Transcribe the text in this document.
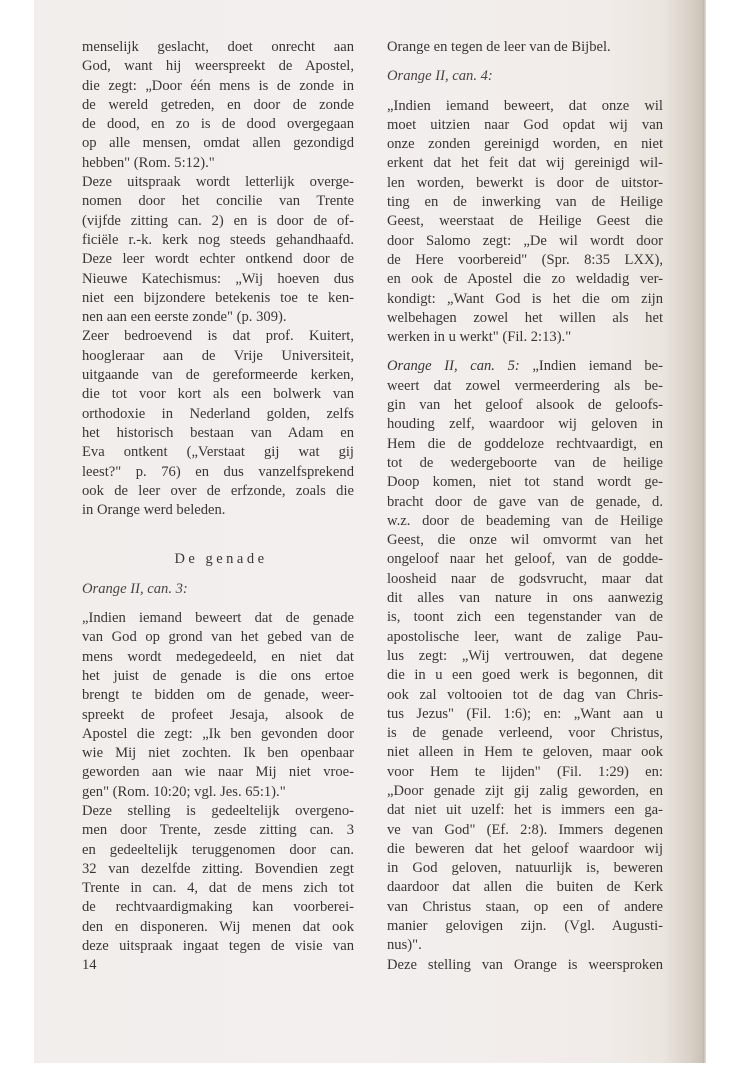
menselijk geslacht, doet onrecht aan
God, want hij weerspreekt de Apostel,
die zegt: „Door één mens is de zonde in
de wereld getreden, en door de zonde
de dood, en zo is de dood overgegaan
op alle mensen, omdat allen gezondigd
hebben" (Rom. 5:12)."
Deze uitspraak wordt letterlijk overge-
nomen door het concilie van Trente
(vijfde zitting can. 2) en is door de of-
ficiële r.-k. kerk nog steeds gehandhaafd.
Deze leer wordt echter ontkend door de
Nieuwe Katechismus: „Wij hoeven dus
niet een bijzondere betekenis toe te ken-
nen aan een eerste zonde" (p. 309).
Zeer bedroevend is dat prof. Kuitert,
hoogleraar aan de Vrije Universiteit,
uitgaande van de gereformeerde kerken,
die tot voor kort als een bolwerk van
orthodoxie in Nederland golden, zelfs
het historisch bestaan van Adam en
Eva ontkent („Verstaat gij wat gij
leest?" p. 76) en dus vanzelfsprekend
ook de leer over de erfzonde, zoals die
in Orange werd beleden.
De genade
Orange II, can. 3:
„Indien iemand beweert dat de genade
van God op grond van het gebed van de
mens wordt medegedeeld, en niet dat
het juist de genade is die ons ertoe
brengt te bidden om de genade, weer-
spreekt de profeet Jesaja, alsook de
Apostel die zegt: „Ik ben gevonden door
wie Mij niet zochten. Ik ben openbaar
geworden aan wie naar Mij niet vroe-
gen" (Rom. 10:20; vgl. Jes. 65:1)."
Deze stelling is gedeeltelijk overgeno-
men door Trente, zesde zitting can. 3
en gedeeltelijk teruggenomen door can.
32 van dezelfde zitting. Bovendien zegt
Trente in can. 4, dat de mens zich tot
de rechtvaardigmaking kan voorberei-
den en disponeren. Wij menen dat ook
deze uitspraak ingaat tegen de visie van
14
Orange en tegen de leer van de Bijbel.
Orange II, can. 4:
„Indien iemand beweert, dat onze wil
moet uitzien naar God opdat wij van
onze zonden gereinigd worden, en niet
erkent dat het feit dat wij gereinigd wil-
len worden, bewerkt is door de uitstor-
ting en de inwerking van de Heilige
Geest, weerstaat de Heilige Geest die
door Salomo zegt: „De wil wordt door
de Here voorbereid" (Spr. 8:35 LXX),
en ook de Apostel die zo weldadig ver-
kondigt: „Want God is het die om zijn
welbehagen zowel het willen als het
werken in u werkt" (Fil. 2:13)."
Orange II, can. 5: „Indien iemand be-
weert dat zowel vermeerdering als be-
gin van het geloof alsook de geloofs-
houding zelf, waardoor wij geloven in
Hem die de goddeloze rechtvaardigt, en
tot de wedergeboorte van de heilige
Doop komen, niet tot stand wordt ge-
bracht door de gave van de genade, d.
w.z. door de beademing van de Heilige
Geest, die onze wil omvormt van het
ongeloof naar het geloof, van de godde-
loosheid naar de godsvrucht, maar dat
dit alles van nature in ons aanwezig
is, toont zich een tegenstander van de
apostolische leer, want de zalige Pau-
lus zegt: „Wij vertrouwen, dat degene
die in u een goed werk is begonnen, dit
ook zal voltooien tot de dag van Chris-
tus Jezus" (Fil. 1:6); en: „Want aan u
is de genade verleend, voor Christus,
niet alleen in Hem te geloven, maar ook
voor Hem te lijden" (Fil. 1:29) en:
„Door genade zijt gij zalig geworden, en
dat niet uit uzelf: het is immers een ga-
ve van God" (Ef. 2:8). Immers degenen
die beweren dat het geloof waardoor wij
in God geloven, natuurlijk is, beweren
daardoor dat allen die buiten de Kerk
van Christus staan, op een of andere
manier gelovigen zijn. (Vgl. Augusti-
nus)".
Deze stelling van Orange is weersproken
